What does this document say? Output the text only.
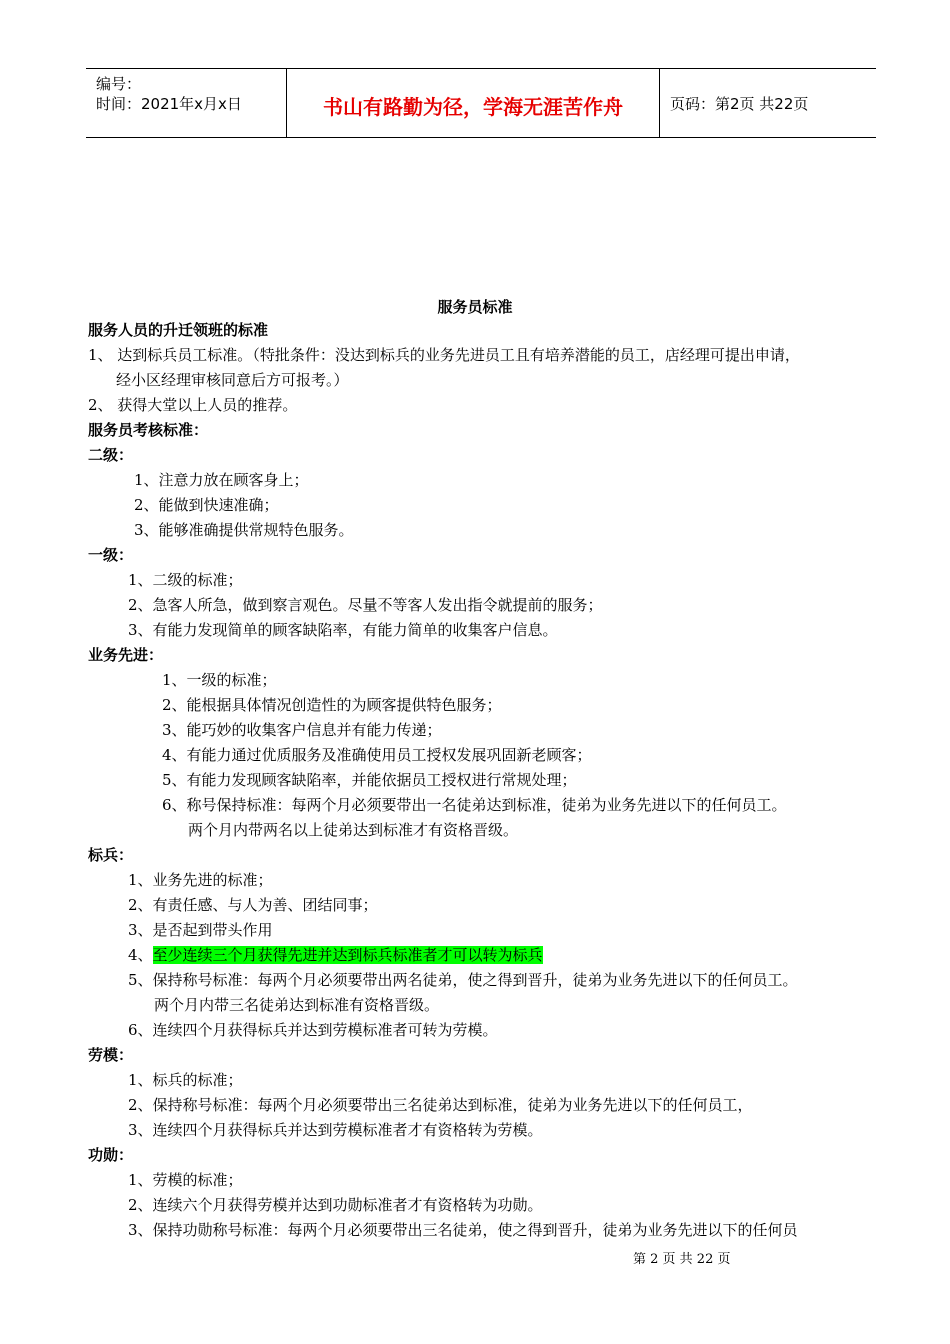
编号：
时间：2021年x月x日	书山有路勤为径，学海无涯苦作舟	页码：第2页 共22页
服务员标准
服务人员的升迁领班的标准
1、 达到标兵员工标准。（特批条件：没达到标兵的业务先进员工且有培养潜能的员工，店经理可提出申请，
经小区经理审核同意后方可报考。）
2、 获得大堂以上人员的推荐。
服务员考核标准：
二级：
1、注意力放在顾客身上；
2、能做到快速准确；
3、能够准确提供常规特色服务。
一级：
1、二级的标准；
2、急客人所急，做到察言观色。尽量不等客人发出指令就提前的服务；
3、有能力发现简单的顾客缺陷率，有能力简单的收集客户信息。
业务先进：
1、一级的标准；
2、能根据具体情况创造性的为顾客提供特色服务；
3、能巧妙的收集客户信息并有能力传递；
4、有能力通过优质服务及准确使用员工授权发展巩固新老顾客；
5、有能力发现顾客缺陷率，并能依据员工授权进行常规处理；
6、称号保持标准：每两个月必须要带出一名徒弟达到标准，徒弟为业务先进以下的任何员工。
两个月内带两名以上徒弟达到标准才有资格晋级。
标兵：
1、业务先进的标准；
2、有责任感、与人为善、团结同事；
3、是否起到带头作用
4、至少连续三个月获得先进并达到标兵标准者才可以转为标兵
5、保持称号标准：每两个月必须要带出两名徒弟，使之得到晋升，徒弟为业务先进以下的任何员工。
两个月内带三名徒弟达到标准有资格晋级。
6、连续四个月获得标兵并达到劳模标准者可转为劳模。
劳模：
1、标兵的标准；
2、保持称号标准：每两个月必须要带出三名徒弟达到标准，徒弟为业务先进以下的任何员工，
3、连续四个月获得标兵并达到劳模标准者才有资格转为劳模。
功勋：
1、劳模的标准；
2、连续六个月获得劳模并达到功勋标准者才有资格转为功勋。
3、保持功勋称号标准：每两个月必须要带出三名徒弟，使之得到晋升，徒弟为业务先进以下的任何员
第 2 页 共 22 页
